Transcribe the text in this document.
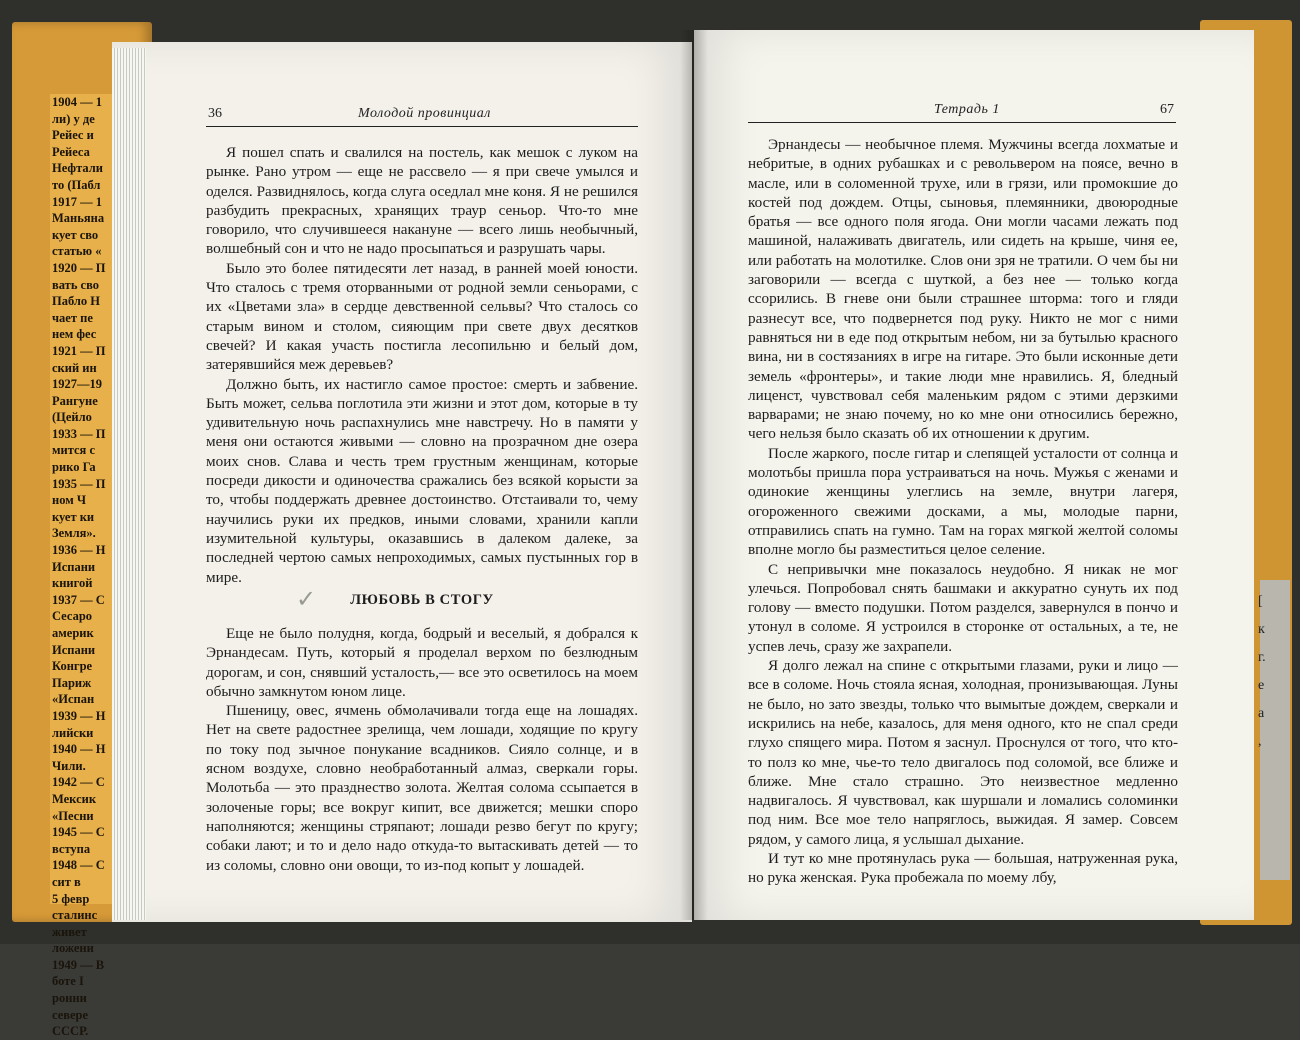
1904 — 1
ли) у де
Рейес и
Рейеса
Нефтали
то (Пабл
1917 — 1
Маньяна
кует сво
статью «
1920 — П
вать сво
Пабло Н
чает пе
нем фес
1921 — П
ский ин
1927—19
Рангуне
(Цейло
1933 — П
мится с
рико Га
1935 — П
ном Ч
кует ки
Земля».
1936 — Н
Испани
книгой
1937 — С
Сесаро
америк
Испани
Конгре
Париж
«Испан
1939 — Н
лийски
1940 — Н
Чили.
1942 — С
Мексик
«Песни
1945 — С
вступа
1948 — С
сит в
5 февр
сталинс
живет
ложени
1949 — В
боте I
ронни
севере
СССР.
[
к
г.
е
а
,
36	Молодой провинциал

Я пошел спать и свалился на постель, как мешок с луком на рынке. Рано утром — еще не рассвело — я при свече умылся и оделся. Развиднялось, когда слуга оседлал мне коня. Я не решился разбудить прекрасных, хранящих траур сеньор. Что-то мне говорило, что случившееся накануне — всего лишь необычный, волшебный сон и что не надо просыпаться и разрушать чары.

Было это более пятидесяти лет назад, в ранней моей юности. Что сталось с тремя оторванными от родной земли сеньорами, с их «Цветами зла» в сердце девственной сельвы? Что сталось со старым вином и столом, сияющим при свете двух десятков свечей? И какая участь постигла лесопильню и белый дом, затерявшийся меж деревьев?

Должно быть, их настигло самое простое: смерть и забвение. Быть может, сельва поглотила эти жизни и этот дом, которые в ту удивительную ночь распахнулись мне навстречу. Но в памяти у меня они остаются живыми — словно на прозрачном дне озера моих снов. Слава и честь трем грустным женщинам, которые посреди дикости и одиночества сражались без всякой корысти за то, чтобы поддержать древнее достоинство. Отстаивали то, чему научились руки их предков, иными словами, хранили капли изумительной культуры, оказавшись в далеком далеке, за последней чертою самых непроходимых, самых пустынных гор в мире.

✓	ЛЮБОВЬ В СТОГУ

Еще не было полудня, когда, бодрый и веселый, я добрался к Эрнандесам. Путь, который я проделал верхом по безлюдным дорогам, и сон, снявший усталость,— все это осветилось на моем обычно замкнутом юном лице.

Пшеницу, овес, ячмень обмолачивали тогда еще на лошадях. Нет на свете радостнее зрелища, чем лошади, ходящие по кругу по току под зычное понукание всадников. Сияло солнце, и в ясном воздухе, словно необработанный алмаз, сверкали горы. Молотьба — это празднество золота. Желтая солома ссыпается в золоченые горы; все вокруг кипит, все движется; мешки споро наполняются; женщины стряпают; лошади резво бегут по кругу; собаки лают; и то и дело надо откуда-то вытаскивать детей — то из соломы, словно они овощи, то из-под копыт у лошадей.

Тетрадь 1	67

Эрнандесы — необычное племя. Мужчины всегда лохматые и небритые, в одних рубашках и с револьвером на поясе, вечно в масле, или в соломенной трухе, или в грязи, или промокшие до костей под дождем. Отцы, сыновья, племянники, двоюродные братья — все одного поля ягода. Они могли часами лежать под машиной, налаживать двигатель, или сидеть на крыше, чиня ее, или работать на молотилке. Слов они зря не тратили. О чем бы ни заговорили — всегда с шуткой, а без нее — только когда ссорились. В гневе они были страшнее шторма: того и гляди разнесут все, что подвернется под руку. Никто не мог с ними равняться ни в еде под открытым небом, ни за бутылью красного вина, ни в состязаниях в игре на гитаре. Это были исконные дети земель «фронтеры», и такие люди мне нравились. Я, бледный лиценст, чувствовал себя маленьким рядом с этими дерзкими варварами; не знаю почему, но ко мне они относились бережно, чего нельзя было сказать об их отношении к другим.

После жаркого, после гитар и слепящей усталости от солнца и молотьбы пришла пора устраиваться на ночь. Мужья с женами и одинокие женщины улеглись на земле, внутри лагеря, огороженного свежими досками, а мы, молодые парни, отправились спать на гумно. Там на горах мягкой желтой соломы вполне могло бы разместиться целое селение.

С непривычки мне показалось неудобно. Я никак не мог улечься. Попробовал снять башмаки и аккуратно сунуть их под голову — вместо подушки. Потом разделся, завернулся в пончо и утонул в соломе. Я устроился в сторонке от остальных, а те, не успев лечь, сразу же захрапели.

Я долго лежал на спине с открытыми глазами, руки и лицо — все в соломе. Ночь стояла ясная, холодная, пронизывающая. Луны не было, но зато звезды, только что вымытые дождем, сверкали и искрились на небе, казалось, для меня одного, кто не спал среди глухо спящего мира. Потом я заснул. Проснулся от того, что кто-то полз ко мне, чье-то тело двигалось под соломой, все ближе и ближе. Мне стало страшно. Это неизвестное медленно надвигалось. Я чувствовал, как шуршали и ломались соломинки под ним. Все мое тело напряглось, выжидая. Я замер. Совсем рядом, у самого лица, я услышал дыхание.

И тут ко мне протянулась рука — большая, натруженная рука, но рука женская. Рука пробежала по моему лбу,
